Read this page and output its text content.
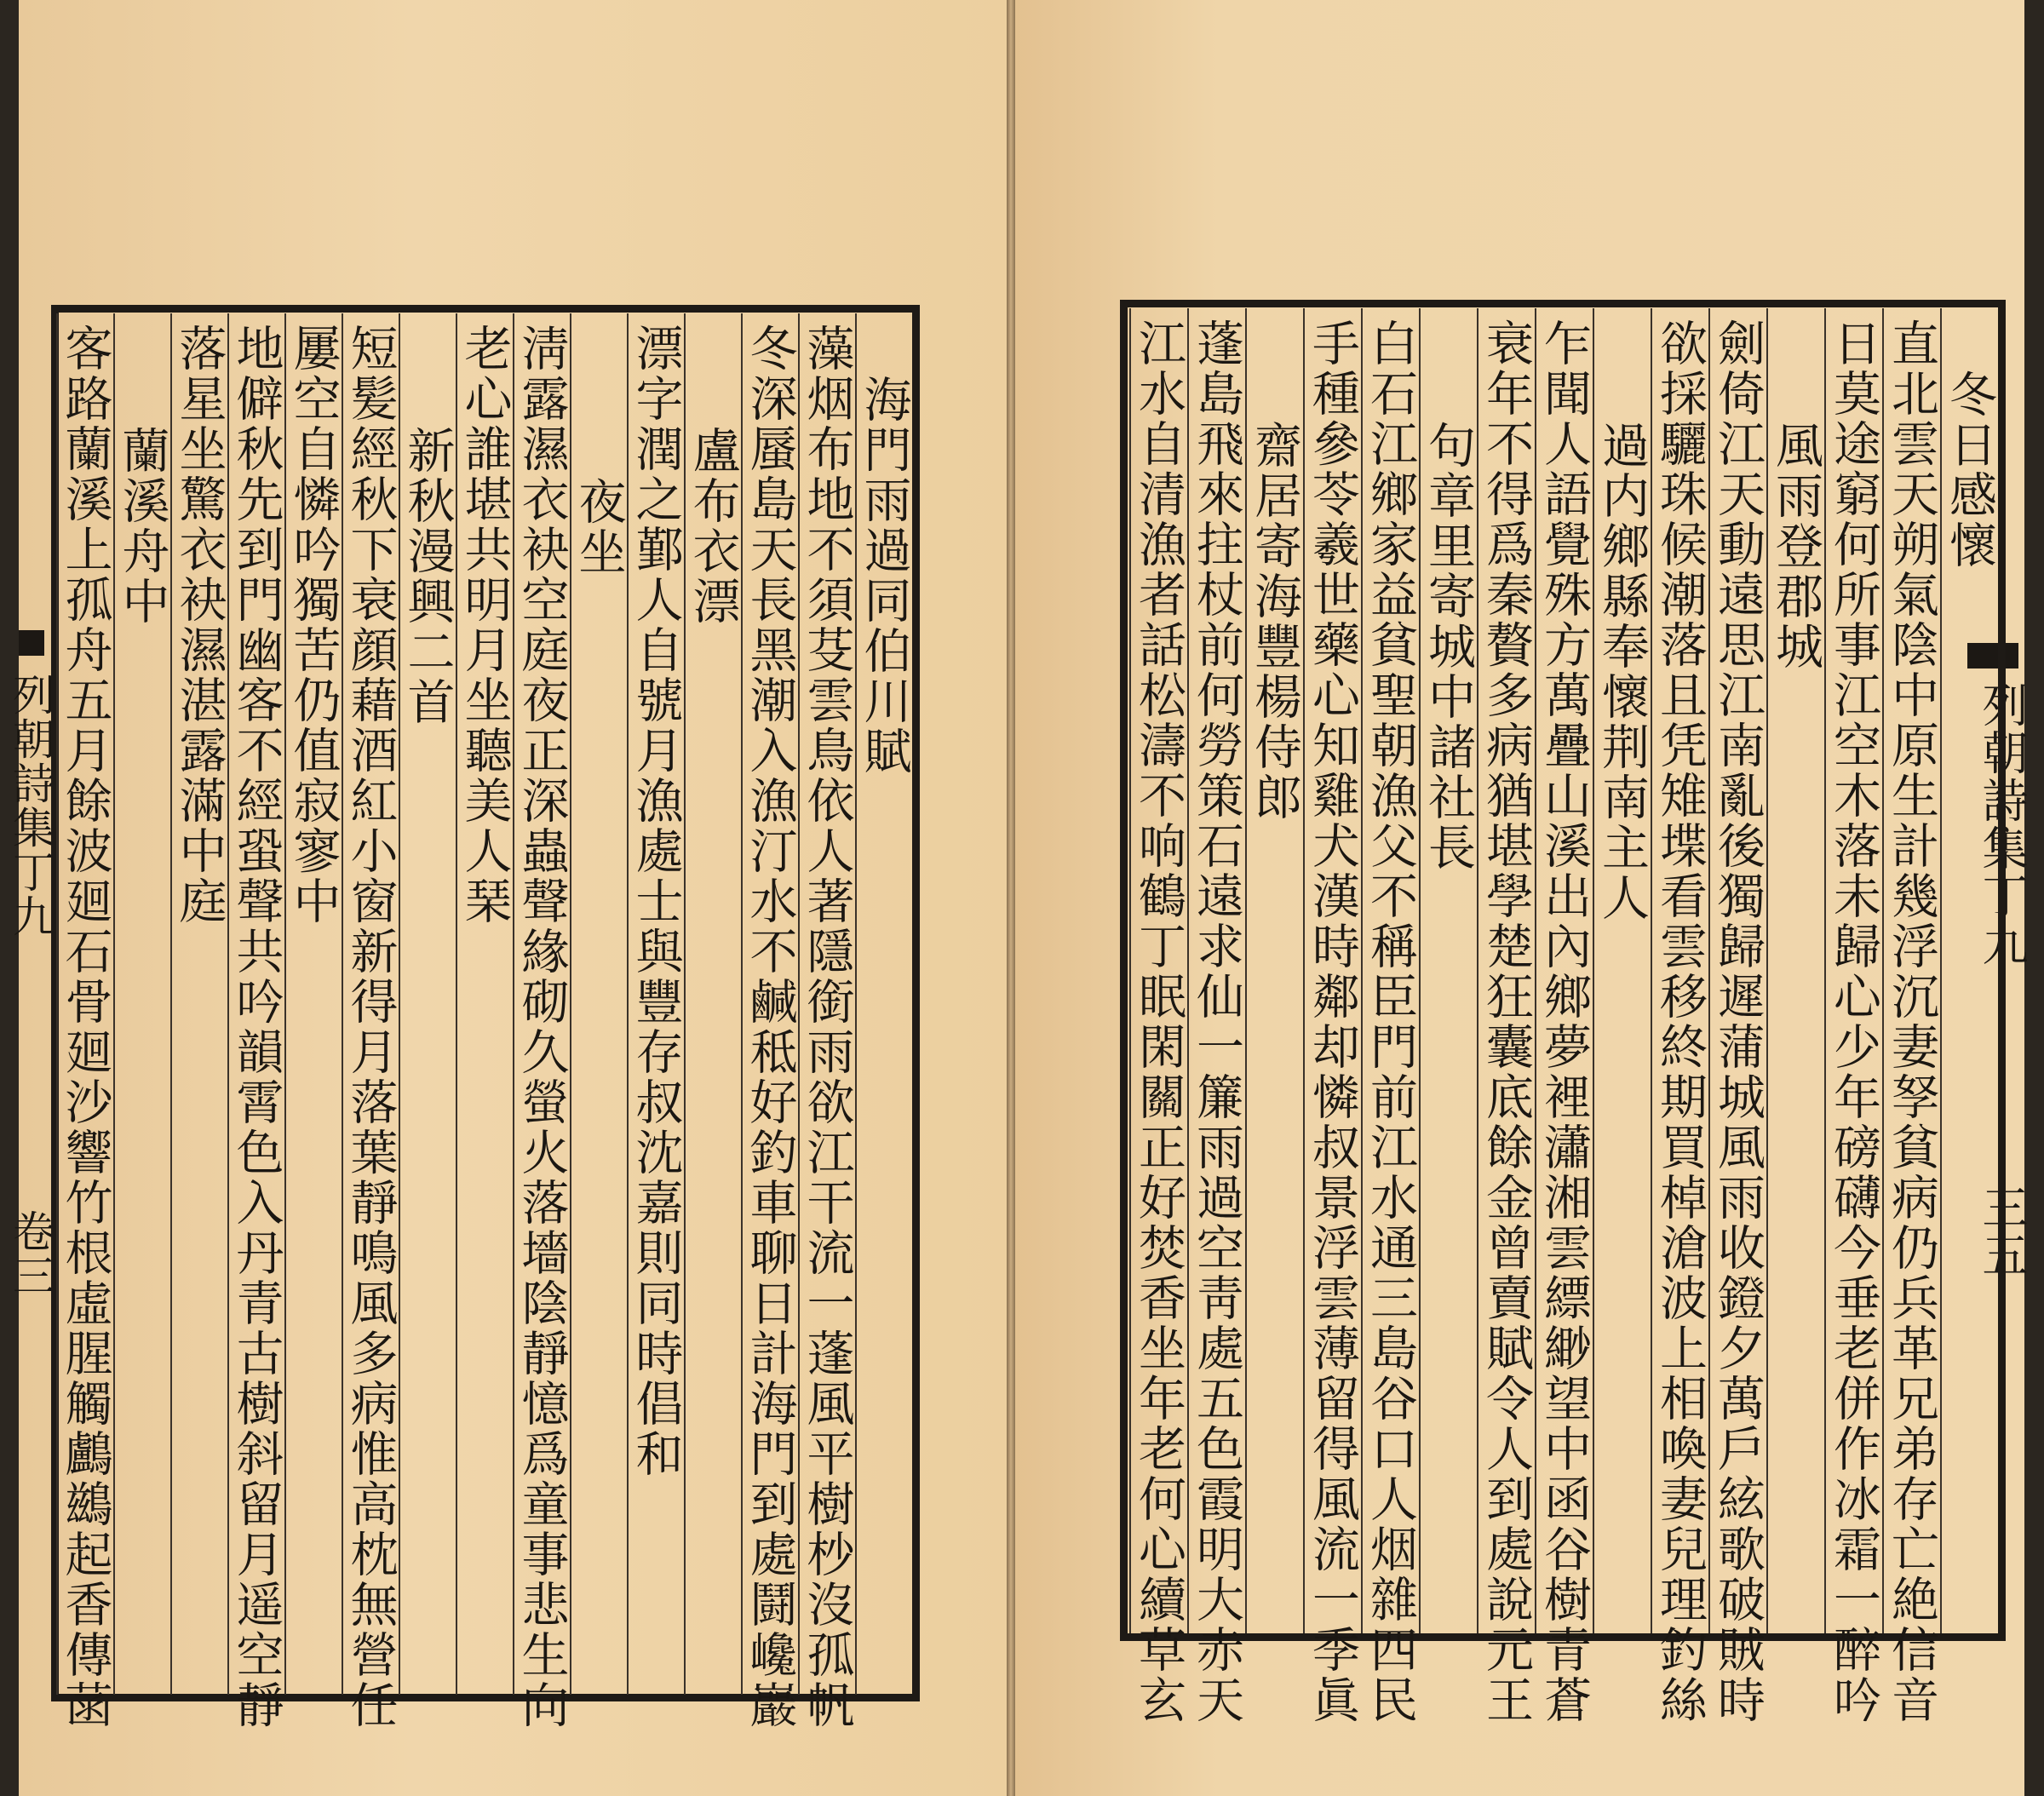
列朝詩集丁九
卷三
列朝詩集丁九
三五
海門雨過同伯川賦
藻烟布地不須芟雲鳥依人著隱銜雨欲江干流一蓬風平樹杪沒孤帆
冬深蜃島天長黑潮入漁汀水不鹹秪好釣車聊日計海門到處鬪巉巖
盧布衣漂
漂字潤之鄞人自號月漁處士與豐存叔沈嘉則同時倡和
夜坐
淸露濕衣袂空庭夜正深蟲聲緣砌久螢火落墻陰靜憶爲童事悲生向
老心誰堪共明月坐聽美人琹
新秋漫興二首
短髪經秋下衰顔藉酒紅小窗新得月落葉靜鳴風多病惟高枕無營任
屢空自憐吟獨苦仍值寂寥中
地僻秋先到門幽客不經蛩聲共吟韻霄色入丹青古樹斜留月遥空靜
落星坐驚衣袂濕湛露滿中庭
蘭溪舟中
客路蘭溪上孤舟五月餘波廻石骨廻沙響竹根虛腥觸鸕鷀起香傳菡	冬日感懷
直北雲天朔氣陰中原生計幾浮沉妻孥貧病仍兵革兄弟存亡絶信音
日莫途窮何所事江空木落未歸心少年磅礴今垂老併作冰霜一醉吟
風雨登郡城
劍倚江天動遠思江南亂後獨歸遲蒲城風雨收鐙夕萬戶絃歌破賊時
欲採驪珠候潮落且凭雉堞看雲移終期買棹滄波上相喚妻兒理釣絲
過内鄉縣奉懷荆南主人
乍聞人語覺殊方萬疊山溪出內鄉夢裡瀟湘雲縹緲望中函谷樹青蒼
衰年不得爲秦贅多病猶堪學楚狂囊底餘金曾賣賦令人到處說元王
句章里寄城中諸社長
白石江鄉家益貧聖朝漁父不稱臣門前江水通三島谷口人烟雜四民
手種參苓羲世藥心知雞犬漢時鄰却憐叔景浮雲薄留得風流一季眞
齋居寄海豐楊侍郎
蓬島飛來拄杖前何勞策石遠求仙一簾雨過空靑處五色霞明大赤天
江水自清漁者話松濤不响鶴丁眠閑關正好焚香坐年老何心續草玄
